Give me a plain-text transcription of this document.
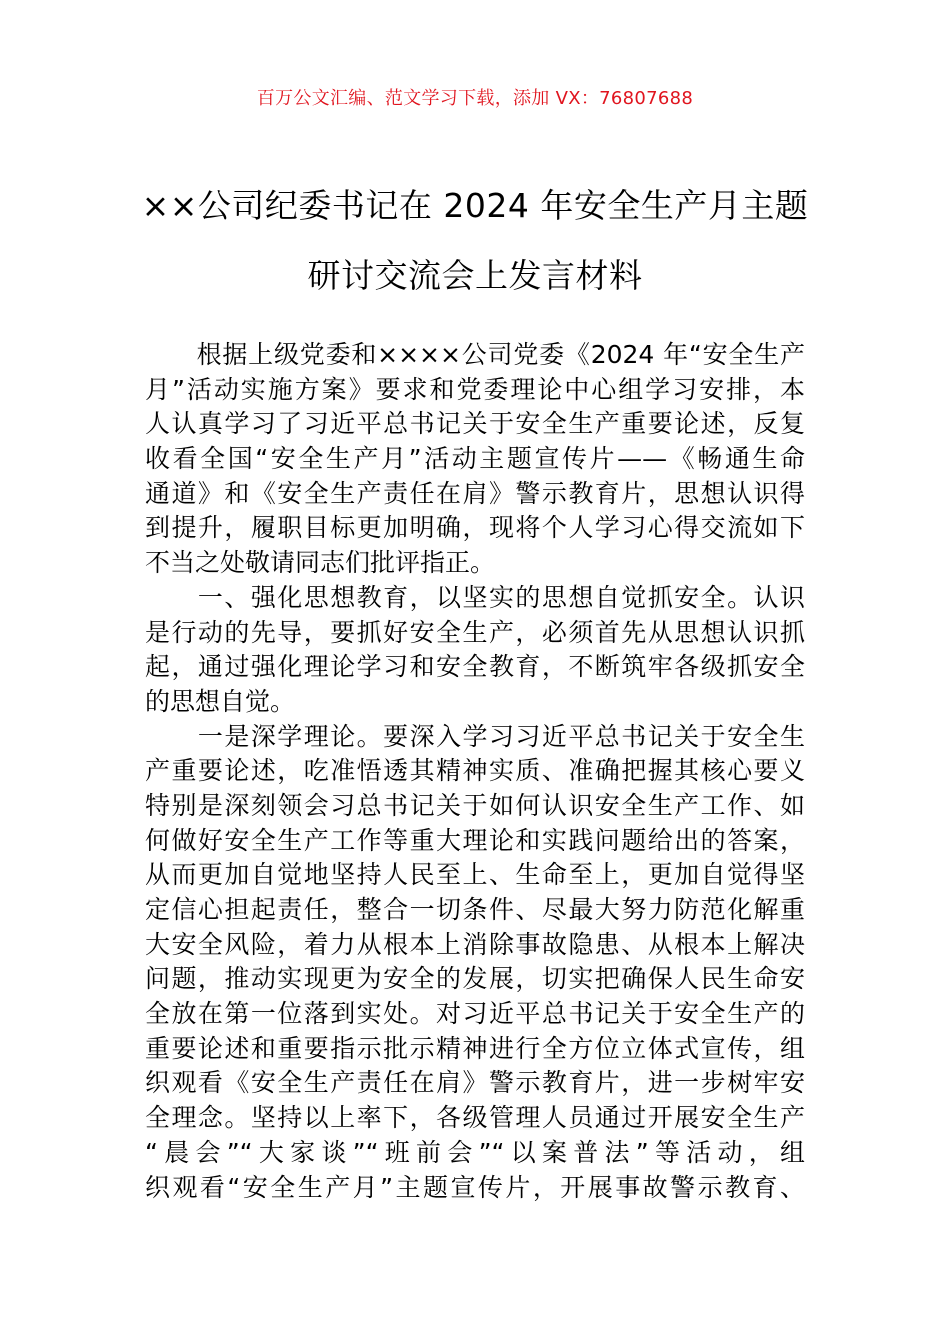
百万公文汇编、范文学习下载，添加 VX：76807688
××公司纪委书记在 2024 年安全生产月主题
研讨交流会上发言材料
　　根据上级党委和××××公司党委《2024 年“安全生产
月”活动实施方案》要求和党委理论中心组学习安排，本
人认真学习了习近平总书记关于安全生产重要论述，反复
收看全国“安全生产月”活动主题宣传片——《畅通生命
通道》和《安全生产责任在肩》警示教育片，思想认识得
到提升，履职目标更加明确，现将个人学习心得交流如下
不当之处敬请同志们批评指正。
　　一、强化思想教育，以坚实的思想自觉抓安全。认识
是行动的先导，要抓好安全生产，必须首先从思想认识抓
起，通过强化理论学习和安全教育，不断筑牢各级抓安全
的思想自觉。
　　一是深学理论。要深入学习习近平总书记关于安全生
产重要论述，吃准悟透其精神实质、准确把握其核心要义
特别是深刻领会习总书记关于如何认识安全生产工作、如
何做好安全生产工作等重大理论和实践问题给出的答案，
从而更加自觉地坚持人民至上、生命至上，更加自觉得坚
定信心担起责任，整合一切条件、尽最大努力防范化解重
大安全风险，着力从根本上消除事故隐患、从根本上解决
问题，推动实现更为安全的发展，切实把确保人民生命安
全放在第一位落到实处。对习近平总书记关于安全生产的
重要论述和重要指示批示精神进行全方位立体式宣传，组
织观看《安全生产责任在肩》警示教育片，进一步树牢安
全理念。坚持以上率下，各级管理人员通过开展安全生产
“晨会”“大家谈”“班前会”“以案普法”等活动，组
织观看“安全生产月”主题宣传片，开展事故警示教育、
